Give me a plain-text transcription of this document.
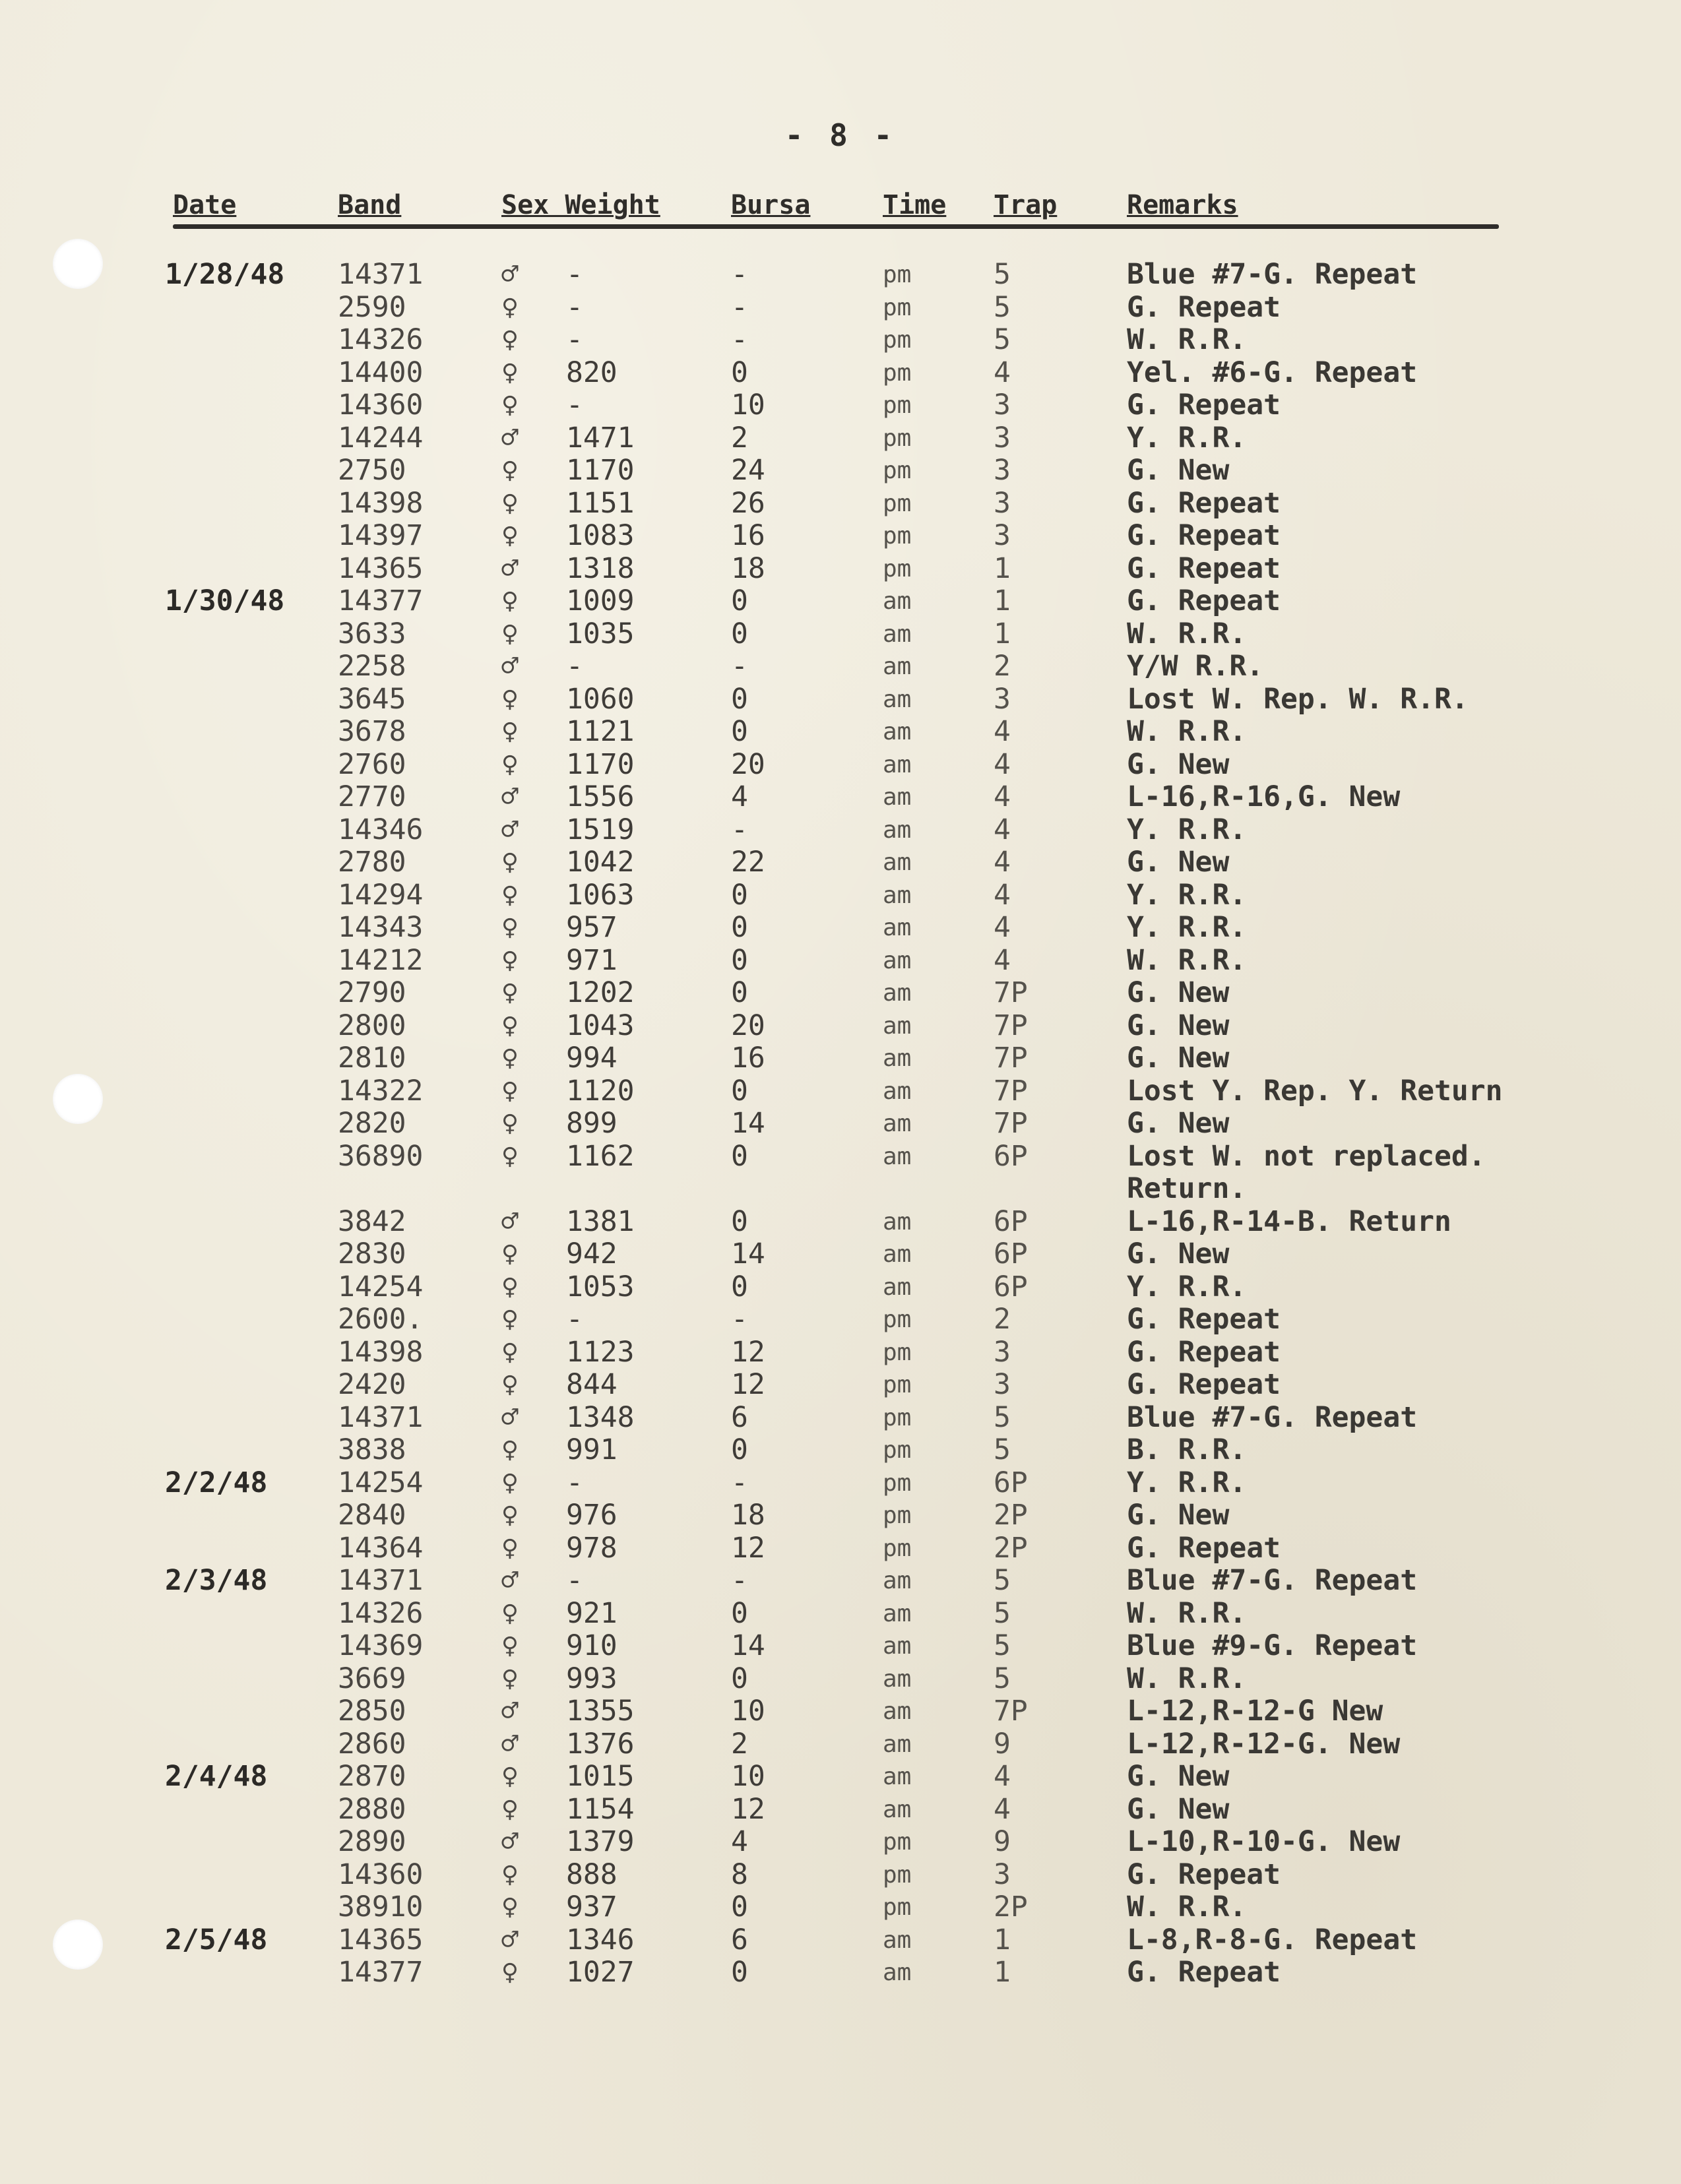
- 8 -
Date	Band	Sex Weight	Bursa	Time Trap	Remarks
1/28/48 14371	♂ -	-	pm	5	Blue #7-G. Repeat
2590	♀ -	-	pm	5	G. Repeat
14326	♀ -	-	pm	5	W. R.R.
14400	♀ 820	0	pm	4	Yel. #6-G. Repeat
14360	♀ -	10	pm	3	G. Repeat
14244	♂ 1471	2	pm	3	Y. R.R.
2750	♀ 1170	24	pm	3	G. New
14398	♀ 1151	26	pm	3	G. Repeat
14397	♀ 1083	16	pm	3	G. Repeat
14365	♂ 1318	18	pm	1	G. Repeat
1/30/48 14377	♀ 1009	0	am	1	G. Repeat
3633	♀ 1035	0	am	1	W. R.R.
2258	♂ -	-	am	2	Y/W R.R.
3645	♀ 1060	0	am	3	Lost W. Rep. W. R.R.
3678	♀ 1121	0	am	4	W. R.R.
2760	♀ 1170	20	am	4	G. New
2770	♂ 1556	4	am	4	L-16,R-16,G. New
14346	♂ 1519	-	am	4	Y. R.R.
2780	♀ 1042	22	am	4	G. New
14294	♀ 1063	0	am	4	Y. R.R.
14343	♀ 957	0	am	4	Y. R.R.
14212	♀ 971	0	am	4	W. R.R.
2790	♀ 1202	0	am	7P	G. New
2800	♀ 1043	20	am	7P	G. New
2810	♀ 994	16	am	7P	G. New
14322	♀ 1120	0	am	7P	Lost Y. Rep. Y. Return
2820	♀ 899	14	am	7P	G. New
36890	♀ 1162	0	am	6P	Lost W. not replaced.
Return.
3842	♂ 1381	0	am	6P	L-16,R-14-B. Return
2830	♀ 942	14	am	6P	G. New
14254	♀ 1053	0	am	6P	Y. R.R.
2600.	♀ -	-	pm	2	G. Repeat
14398	♀ 1123	12	pm	3	G. Repeat
2420	♀ 844	12	pm	3	G. Repeat
14371	♂ 1348	6	pm	5	Blue #7-G. Repeat
3838	♀ 991	0	pm	5	B. R.R.
2/2/48 14254	♀ -	-	pm	6P	Y. R.R.
2840	♀ 976	18	pm	2P	G. New
14364	♀ 978	12	pm	2P	G. Repeat
2/3/48 14371	♂ -	-	am	5	Blue #7-G. Repeat
14326	♀ 921	0	am	5	W. R.R.
14369	♀ 910	14	am	5	Blue #9-G. Repeat
3669	♀ 993	0	am	5	W. R.R.
2850	♂ 1355	10	am	7P	L-12,R-12-G New
2860	♂ 1376	2	am	9	L-12,R-12-G. New
2/4/48 2870	♀ 1015	10	am	4	G. New
2880	♀ 1154	12	am	4	G. New
2890	♂ 1379	4	pm	9	L-10,R-10-G. New
14360	♀ 888	8	pm	3	G. Repeat
38910	♀ 937	0	pm	2P	W. R.R.
2/5/48 14365	♂ 1346	6	am	1	L-8,R-8-G. Repeat
14377	♀ 1027	0	am	1	G. Repeat
